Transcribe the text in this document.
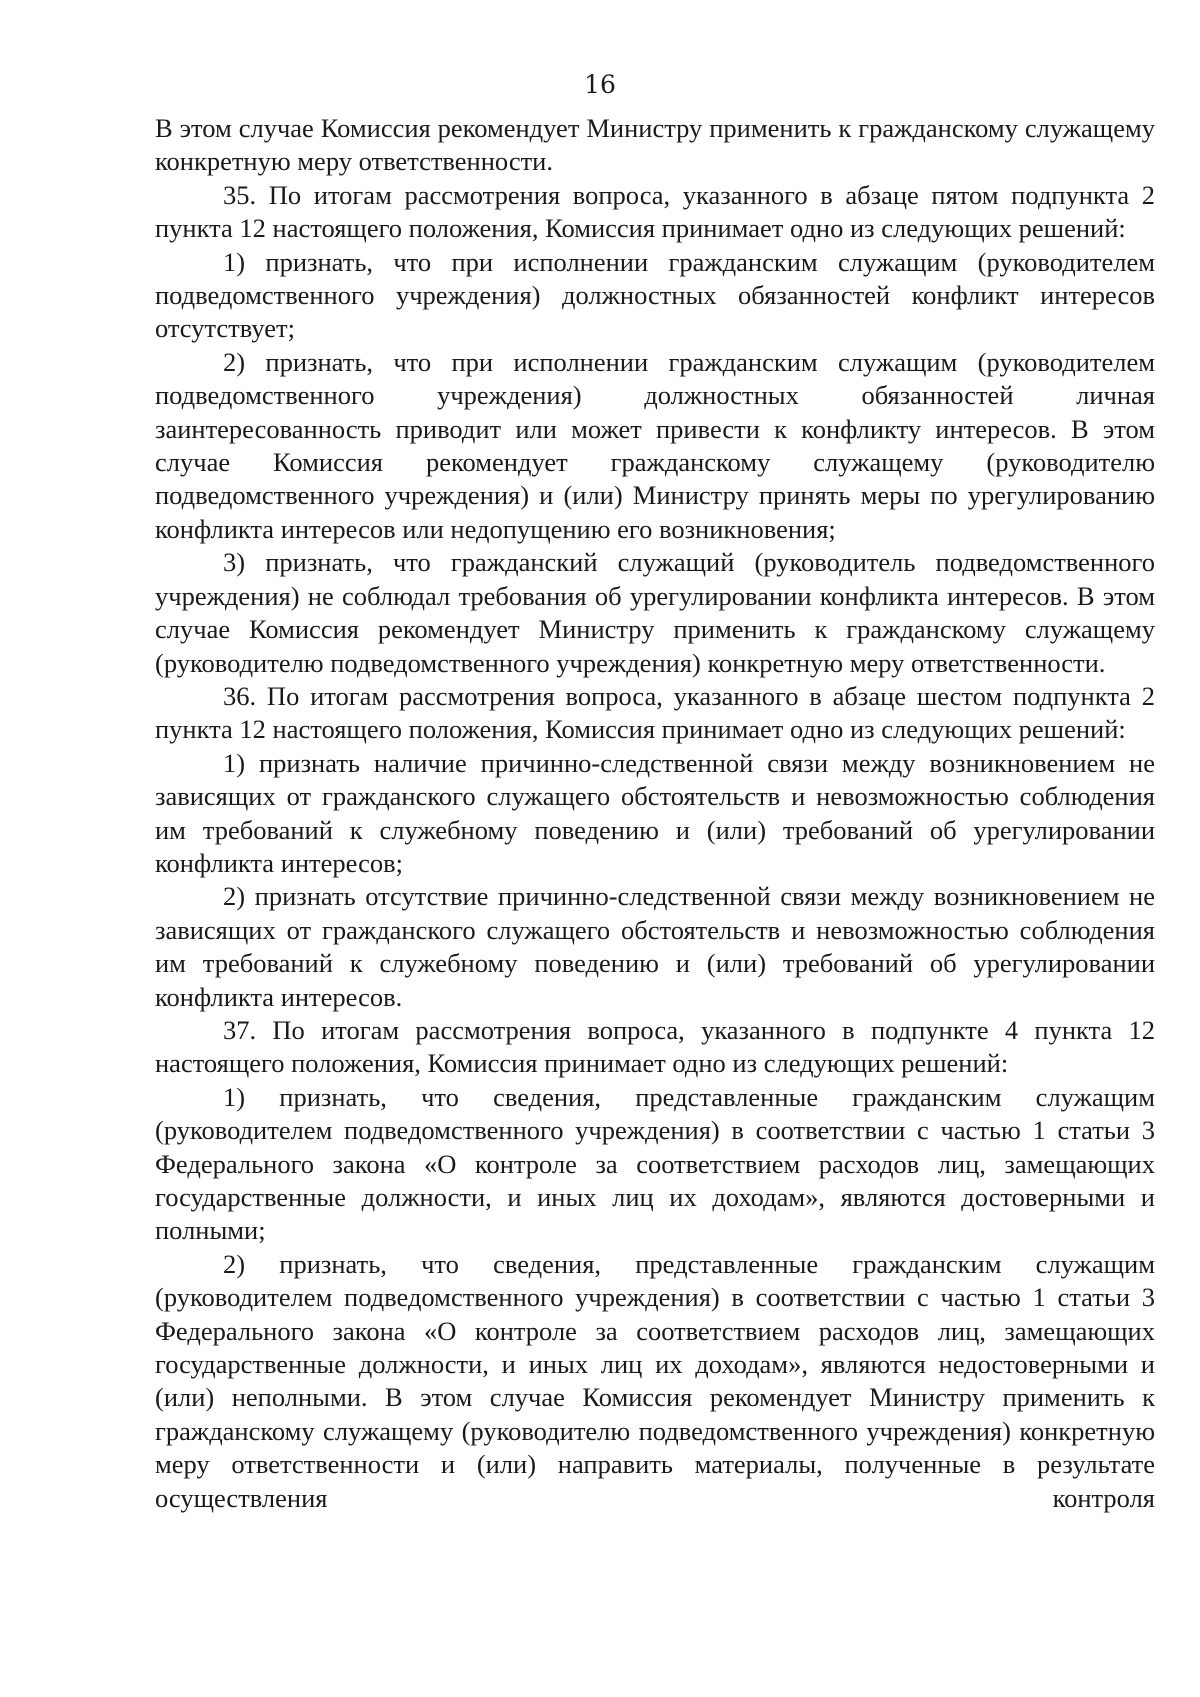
16

В этом случае Комиссия рекомендует Министру применить к гражданскому служащему конкретную меру ответственности.

35. По итогам рассмотрения вопроса, указанного в абзаце пятом подпункта 2 пункта 12 настоящего положения, Комиссия принимает одно из следующих решений:

1) признать, что при исполнении гражданским служащим (руководителем подведомственного учреждения) должностных обязанностей конфликт интересов отсутствует;

2) признать, что при исполнении гражданским служащим (руководителем подведомственного учреждения) должностных обязанностей личная заинтересованность приводит или может привести к конфликту интересов. В этом случае Комиссия рекомендует гражданскому служащему (руководителю подведомственного учреждения) и (или) Министру принять меры по урегулированию конфликта интересов или недопущению его возникновения;

3) признать, что гражданский служащий (руководитель подведомственного учреждения) не соблюдал требования об урегулировании конфликта интересов. В этом случае Комиссия рекомендует Министру применить к гражданскому служащему (руководителю подведомственного учреждения) конкретную меру ответственности.

36. По итогам рассмотрения вопроса, указанного в абзаце шестом подпункта 2 пункта 12 настоящего положения, Комиссия принимает одно из следующих решений:

1) признать наличие причинно-следственной связи между возникновением не зависящих от гражданского служащего обстоятельств и невозможностью соблюдения им требований к служебному поведению и (или) требований об урегулировании конфликта интересов;

2) признать отсутствие причинно-следственной связи между возникновением не зависящих от гражданского служащего обстоятельств и невозможностью соблюдения им требований к служебному поведению и (или) требований об урегулировании конфликта интересов.

37. По итогам рассмотрения вопроса, указанного в подпункте 4 пункта 12 настоящего положения, Комиссия принимает одно из следующих решений:

1) признать, что сведения, представленные гражданским служащим (руководителем подведомственного учреждения) в соответствии с частью 1 статьи 3 Федерального закона «О контроле за соответствием расходов лиц, замещающих государственные должности, и иных лиц их доходам», являются достоверными и полными;

2) признать, что сведения, представленные гражданским служащим (руководителем подведомственного учреждения) в соответствии с частью 1 статьи 3 Федерального закона «О контроле за соответствием расходов лиц, замещающих государственные должности, и иных лиц их доходам», являются недостоверными и (или) неполными. В этом случае Комиссия рекомендует Министру применить к гражданскому служащему (руководителю подведомственного учреждения) конкретную меру ответственности и (или) направить материалы, полученные в результате осуществления контроля
